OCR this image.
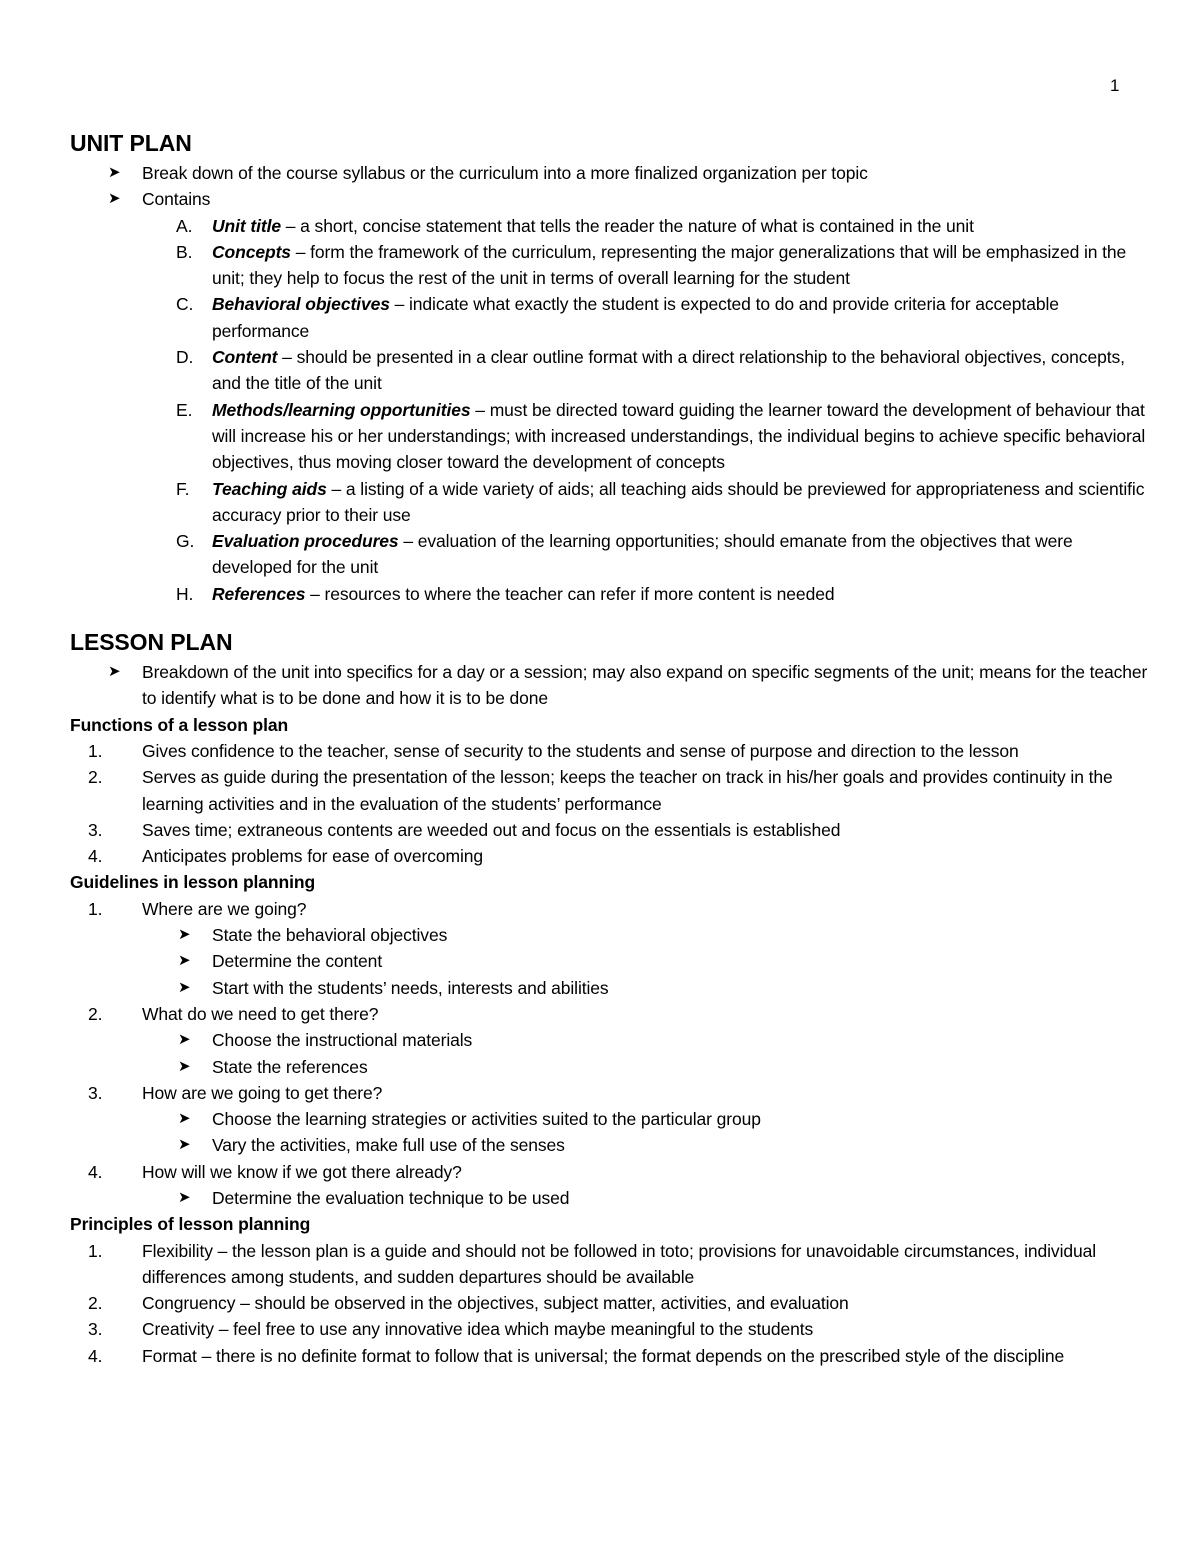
1
UNIT PLAN
➤ Break down of the course syllabus or the curriculum into a more finalized organization per topic
➤ Contains
A. Unit title – a short, concise statement that tells the reader the nature of what is contained in the unit
B. Concepts – form the framework of the curriculum, representing the major generalizations that will be emphasized in the unit; they help to focus the rest of the unit in terms of overall learning for the student
C. Behavioral objectives – indicate what exactly the student is expected to do and provide criteria for acceptable performance
D. Content – should be presented in a clear outline format with a direct relationship to the behavioral objectives, concepts, and the title of the unit
E. Methods/learning opportunities – must be directed toward guiding the learner toward the development of behaviour that will increase his or her understandings; with increased understandings, the individual begins to achieve specific behavioral objectives, thus moving closer toward the development of concepts
F. Teaching aids – a listing of a wide variety of aids; all teaching aids should be previewed for appropriateness and scientific accuracy prior to their use
G. Evaluation procedures – evaluation of the learning opportunities; should emanate from the objectives that were developed for the unit
H. References – resources to where the teacher can refer if more content is needed
LESSON PLAN
➤ Breakdown of the unit into specifics for a day or a session; may also expand on specific segments of the unit; means for the teacher to identify what is to be done and how it is to be done
Functions of a lesson plan
1. Gives confidence to the teacher, sense of security to the students and sense of purpose and direction to the lesson
2. Serves as guide during the presentation of the lesson; keeps the teacher on track in his/her goals and provides continuity in the learning activities and in the evaluation of the students’ performance
3. Saves time; extraneous contents are weeded out and focus on the essentials is established
4. Anticipates problems for ease of overcoming
Guidelines in lesson planning
1. Where are we going?
➤ State the behavioral objectives
➤ Determine the content
➤ Start with the students’ needs, interests and abilities
2. What do we need to get there?
➤ Choose the instructional materials
➤ State the references
3. How are we going to get there?
➤ Choose the learning strategies or activities suited to the particular group
➤ Vary the activities, make full use of the senses
4. How will we know if we got there already?
➤ Determine the evaluation technique to be used
Principles of lesson planning
1. Flexibility – the lesson plan is a guide and should not be followed in toto; provisions for unavoidable circumstances, individual differences among students, and sudden departures should be available
2. Congruency – should be observed in the objectives, subject matter, activities, and evaluation
3. Creativity – feel free to use any innovative idea which maybe meaningful to the students
4. Format – there is no definite format to follow that is universal; the format depends on the prescribed style of the discipline
